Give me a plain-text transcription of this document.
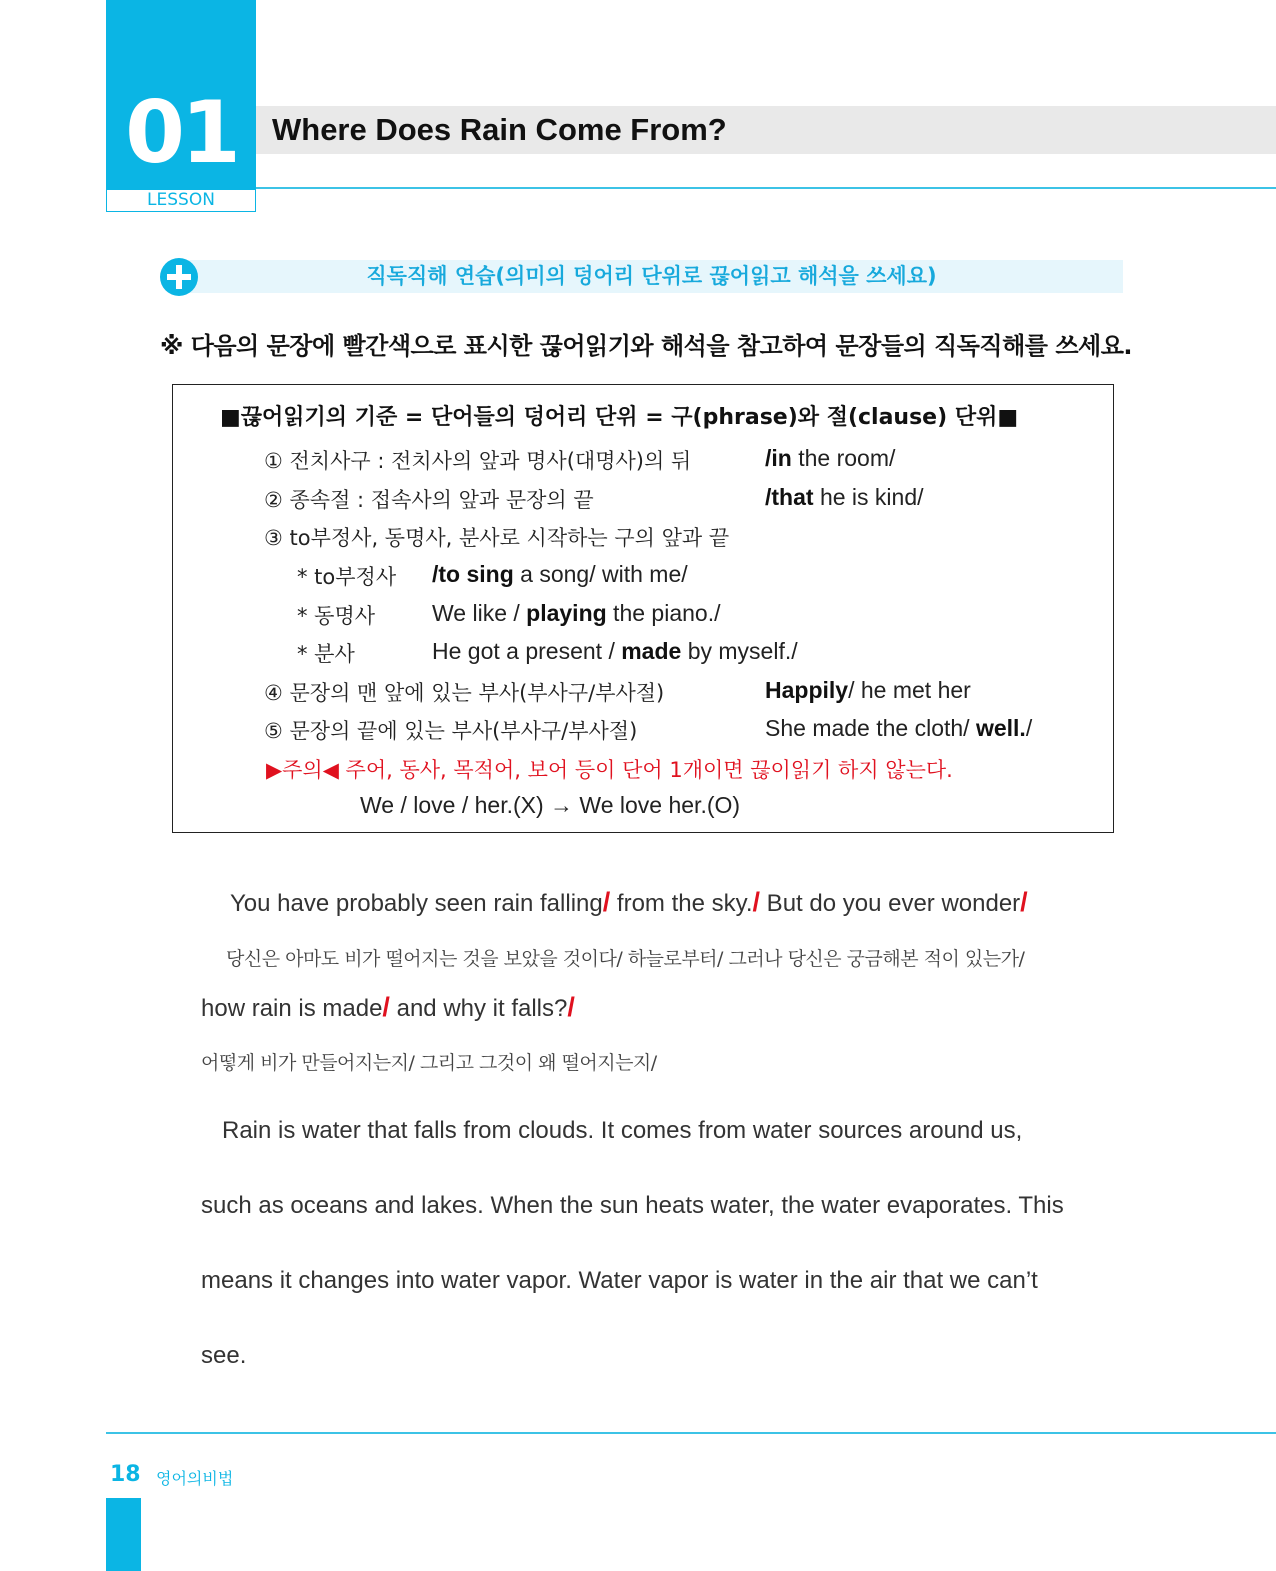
01
LESSON
Where Does Rain Come From?
직독직해 연습(의미의 덩어리 단위로 끊어읽고 해석을 쓰세요)
※ 다음의 문장에 빨간색으로 표시한 끊어읽기와 해석을 참고하여 문장들의 직독직해를 쓰세요.
■끊어읽기의 기준 = 단어들의 덩어리 단위 = 구(phrase)와 절(clause) 단위■
① 전치사구 : 전치사의 앞과 명사(대명사)의 뒤	/in the room/
② 종속절 : 접속사의 앞과 문장의 끝	/that he is kind/
③ to부정사, 동명사, 분사로 시작하는 구의 앞과 끝
* to부정사 /to sing a song/ with me/
* 동명사 We like / playing the piano./
* 분사	He got a present / made by myself./
④ 문장의 맨 앞에 있는 부사(부사구/부사절)	Happily/ he met her
⑤ 문장의 끝에 있는 부사(부사구/부사절)	She made the cloth/ well./
▶주의◀ 주어, 동사, 목적어, 보어 등이 단어 1개이면 끊이읽기 하지 않는다.
We / love / her.(X) → We love her.(O)
You have probably seen rain falling/ from the sky./ But do you ever wonder/
당신은 아마도 비가 떨어지는 것을 보았을 것이다/ 하늘로부터/ 그러나 당신은 궁금해본 적이 있는가/
how rain is made/ and why it falls?/
어떻게 비가 만들어지는지/ 그리고 그것이 왜 떨어지는지/
Rain is water that falls from clouds. It comes from water sources around us,
such as oceans and lakes. When the sun heats water, the water evaporates. This
means it changes into water vapor. Water vapor is water in the air that we can’t
see.
18 영어의비법
